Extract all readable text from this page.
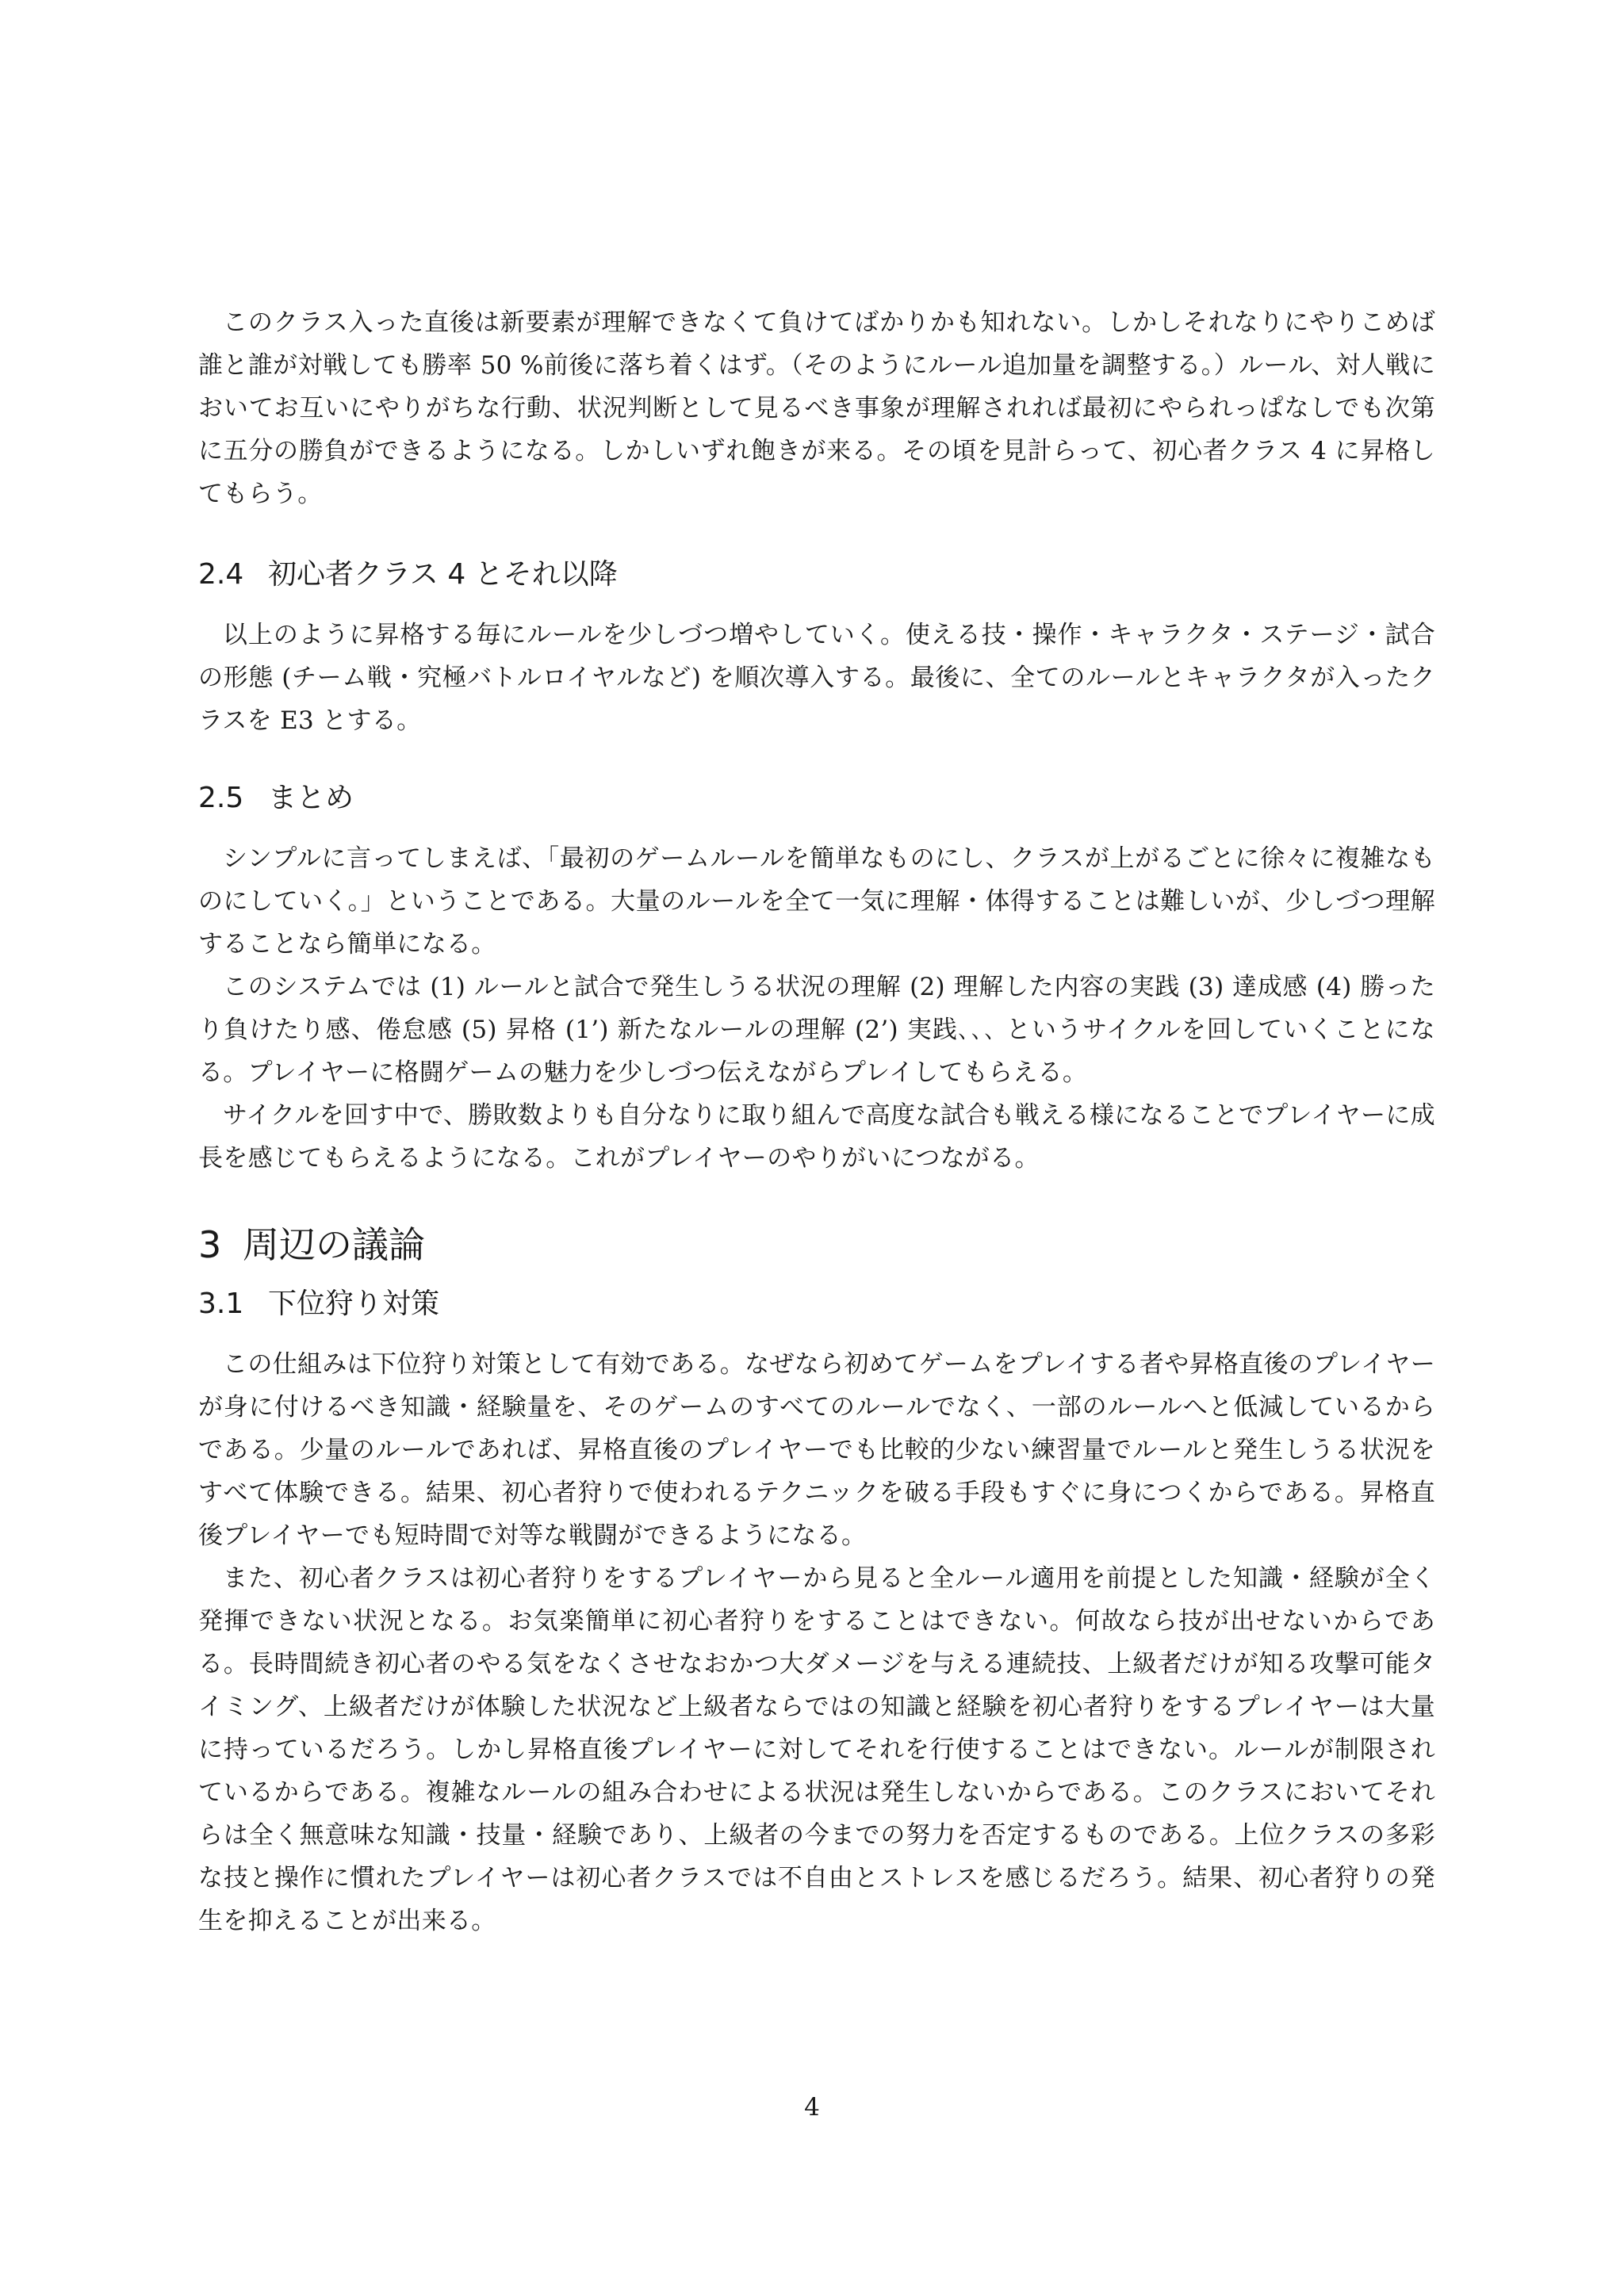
このクラス入った直後は新要素が理解できなくて負けてばかりかも知れない。しかしそれなりにやりこめば誰と誰が対戦しても勝率 50 %前後に落ち着くはず。（そのようにルール追加量を調整する。）ルール、対人戦においてお互いにやりがちな行動、状況判断として見るべき事象が理解されれば最初にやられっぱなしでも次第に五分の勝負ができるようになる。しかしいずれ飽きが来る。その頃を見計らって、初心者クラス 4 に昇格してもらう。

2.4 初心者クラス 4 とそれ以降

以上のように昇格する毎にルールを少しづつ増やしていく。使える技・操作・キャラクタ・ステージ・試合の形態 (チーム戦・究極バトルロイヤルなど) を順次導入する。最後に、全てのルールとキャラクタが入ったクラスを E3 とする。

2.5 まとめ

シンプルに言ってしまえば、「最初のゲームルールを簡単なものにし、クラスが上がるごとに徐々に複雑なものにしていく。」ということである。大量のルールを全て一気に理解・体得することは難しいが、少しづつ理解することなら簡単になる。

このシステムでは (1) ルールと試合で発生しうる状況の理解 (2) 理解した内容の実践 (3) 達成感 (4) 勝ったり負けたり感、倦怠感 (5) 昇格 (1’) 新たなルールの理解 (2’) 実践､､､ というサイクルを回していくことになる。プレイヤーに格闘ゲームの魅力を少しづつ伝えながらプレイしてもらえる。

サイクルを回す中で、勝敗数よりも自分なりに取り組んで高度な試合も戦える様になることでプレイヤーに成長を感じてもらえるようになる。これがプレイヤーのやりがいにつながる。

3 周辺の議論
3.1 下位狩り対策

この仕組みは下位狩り対策として有効である。なぜなら初めてゲームをプレイする者や昇格直後のプレイヤーが身に付けるべき知識・経験量を、そのゲームのすべてのルールでなく、一部のルールへと低減しているからである。少量のルールであれば、昇格直後のプレイヤーでも比較的少ない練習量でルールと発生しうる状況をすべて体験できる。結果、初心者狩りで使われるテクニックを破る手段もすぐに身につくからである。昇格直後プレイヤーでも短時間で対等な戦闘ができるようになる。

また、初心者クラスは初心者狩りをするプレイヤーから見ると全ルール適用を前提とした知識・経験が全く発揮できない状況となる。お気楽簡単に初心者狩りをすることはできない。何故なら技が出せないからである。長時間続き初心者のやる気をなくさせなおかつ大ダメージを与える連続技、上級者だけが知る攻撃可能タイミング、上級者だけが体験した状況など上級者ならではの知識と経験を初心者狩りをするプレイヤーは大量に持っているだろう。しかし昇格直後プレイヤーに対してそれを行使することはできない。ルールが制限されているからである。複雑なルールの組み合わせによる状況は発生しないからである。このクラスにおいてそれらは全く無意味な知識・技量・経験であり、上級者の今までの努力を否定するものである。上位クラスの多彩な技と操作に慣れたプレイヤーは初心者クラスでは不自由とストレスを感じるだろう。結果、初心者狩りの発生を抑えることが出来る。

4
